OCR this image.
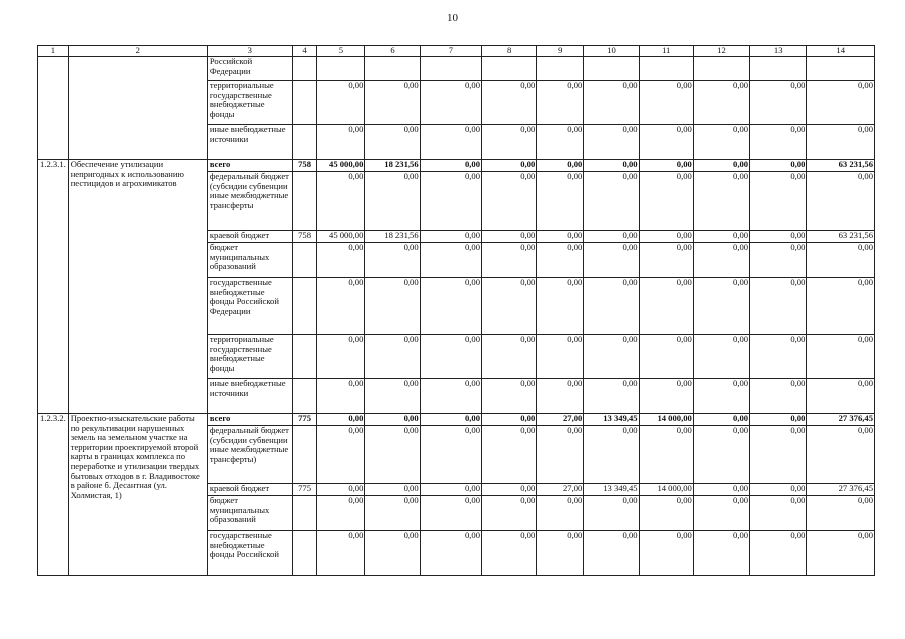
10
1	2	3	4	5	6	7	8	9	10	11	12	13	14
		Российской Федерации											
		территориальные государственные внебюджетные фонды		0,00	0,00	0,00	0,00	0,00	0,00	0,00	0,00	0,00	0,00
		иные внебюджетные источники		0,00	0,00	0,00	0,00	0,00	0,00	0,00	0,00	0,00	0,00
1.2.3.1.	Обеспечение утилизации непригодных к использованию пестицидов и агрохимикатов	всего	758	45 000,00	18 231,56	0,00	0,00	0,00	0,00	0,00	0,00	0,00	63 231,56
		федеральный бюджет (субсидии субвенции иные межбюджетные трансферты		0,00	0,00	0,00	0,00	0,00	0,00	0,00	0,00	0,00	0,00
		краевой бюджет	758	45 000,00	18 231,56	0,00	0,00	0,00	0,00	0,00	0,00	0,00	63 231,56
		бюджет муниципальных образований		0,00	0,00	0,00	0,00	0,00	0,00	0,00	0,00	0,00	0,00
		государственные внебюджетные фонды Российской Федерации		0,00	0,00	0,00	0,00	0,00	0,00	0,00	0,00	0,00	0,00
		территориальные государственные внебюджетные фонды		0,00	0,00	0,00	0,00	0,00	0,00	0,00	0,00	0,00	0,00
		иные внебюджетные источники		0,00	0,00	0,00	0,00	0,00	0,00	0,00	0,00	0,00	0,00
1.2.3.2.	Проектно-изыскательские работы по рекультивации нарушенных земель на земельном участке на территории проектируемой второй карты в границах комплекса по переработке и утилизации твердых бытовых отходов в г. Владивостоке в районе б. Десантная (ул. Холмистая, 1)	всего	775	0,00	0,00	0,00	0,00	27,00	13 349,45	14 000,00	0,00	0,00	27 376,45
		федеральный бюджет (субсидии субвенции иные межбюджетные трансферты)		0,00	0,00	0,00	0,00	0,00	0,00	0,00	0,00	0,00	0,00
		краевой бюджет	775	0,00	0,00	0,00	0,00	27,00	13 349,45	14 000,00	0,00	0,00	27 376,45
		бюджет муниципальных образований		0,00	0,00	0,00	0,00	0,00	0,00	0,00	0,00	0,00	0,00
		государственные внебюджетные фонды Российской		0,00	0,00	0,00	0,00	0,00	0,00	0,00	0,00	0,00	0,00
